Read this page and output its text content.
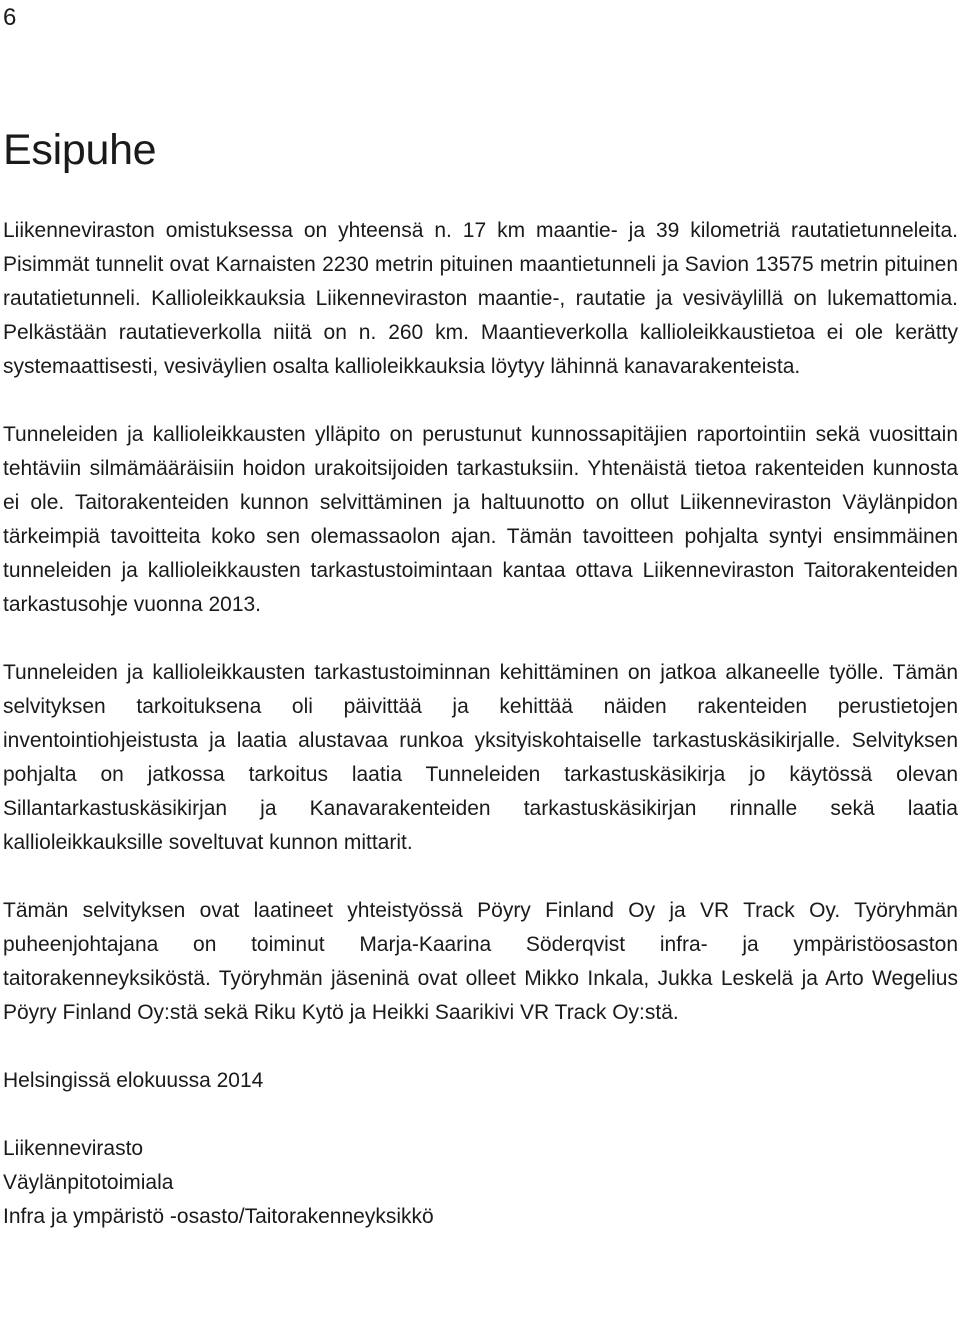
6
Esipuhe

Liikenneviraston omistuksessa on yhteensä n. 17 km maantie- ja 39 kilometriä rautatietunneleita. Pisimmät tunnelit ovat Karnaisten 2230 metrin pituinen maantietunneli ja Savion 13575 metrin pituinen rautatietunneli. Kallioleikkauksia Liikenneviraston maantie-, rautatie ja vesiväylillä on lukemattomia. Pelkästään rautatieverkolla niitä on n. 260 km. Maantieverkolla kallioleikkaustietoa ei ole kerätty systemaattisesti, vesiväylien osalta kallioleikkauksia löytyy lähinnä kanavarakenteista.

Tunneleiden ja kallioleikkausten ylläpito on perustunut kunnossapitäjien raportointiin sekä vuosittain tehtäviin silmämääräisiin hoidon urakoitsijoiden tarkastuksiin. Yhtenäistä tietoa rakenteiden kunnosta ei ole. Taitorakenteiden kunnon selvittäminen ja haltuunotto on ollut Liikenneviraston Väylänpidon tärkeimpiä tavoitteita koko sen olemassaolon ajan. Tämän tavoitteen pohjalta syntyi ensimmäinen tunneleiden ja kallioleikkausten tarkastustoimintaan kantaa ottava Liikenneviraston Taitorakenteiden tarkastusohje vuonna 2013.

Tunneleiden ja kallioleikkausten tarkastustoiminnan kehittäminen on jatkoa alkaneelle työlle. Tämän selvityksen tarkoituksena oli päivittää ja kehittää näiden rakenteiden perustietojen inventointiohjeistusta ja laatia alustavaa runkoa yksityiskohtaiselle tarkastuskäsikirjalle. Selvityksen pohjalta on jatkossa tarkoitus laatia Tunneleiden tarkastuskäsikirja jo käytössä olevan Sillantarkastuskäsikirjan ja Kanavarakenteiden tarkastuskäsikirjan rinnalle sekä laatia kallioleikkauksille soveltuvat kunnon mittarit.

Tämän selvityksen ovat laatineet yhteistyössä Pöyry Finland Oy ja VR Track Oy. Työryhmän puheenjohtajana on toiminut Marja-Kaarina Söderqvist infra- ja ympäristöosaston taitorakenneyksiköstä. Työryhmän jäseninä ovat olleet Mikko Inkala, Jukka Leskelä ja Arto Wegelius Pöyry Finland Oy:stä sekä Riku Kytö ja Heikki Saarikivi VR Track Oy:stä.

Helsingissä elokuussa 2014

Liikennevirasto
Väylänpitotoimiala
Infra ja ympäristö -osasto/Taitorakenneyksikkö
